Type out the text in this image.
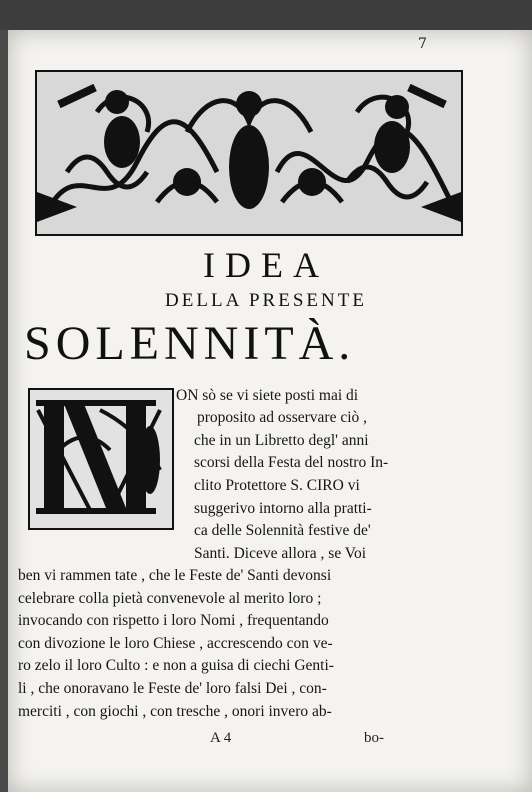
7
IDEA
DELLA PRESENTE
SOLENNITÀ.
ON sò se vi siete posti mai di
proposito ad osservare ciò ,
che in un Libretto degl' anni
scorsi della Festa del nostro In-
clito Protettore S. CIRO vi
suggerivo intorno alla pratti-
ca delle Solennità festive de'
Santi. Diceve allora , se Voi
ben vi rammen tate , che le Feste de' Santi devonsi
celebrare colla pietà convenevole al merito loro ;
invocando con rispetto i loro Nomi , frequentando
con divozione le loro Chiese , accrescendo con ve-
ro zelo il loro Culto : e non a guisa di ciechi Genti-
li , che onoravano le Feste de' loro falsi Dei , con-
merciti , con giochi , con tresche , onori invero ab-
A 4	bo-
